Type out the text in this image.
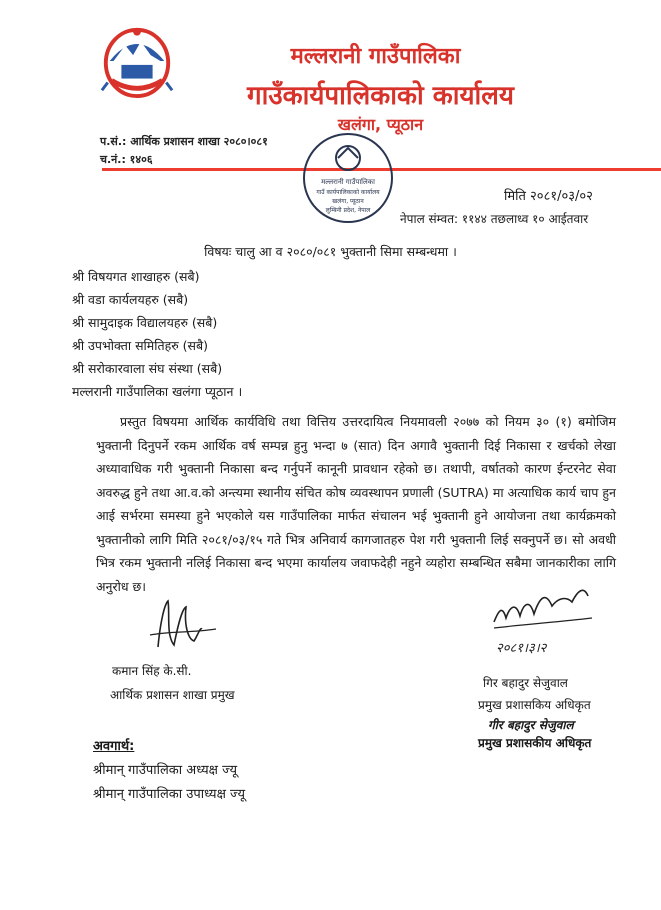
मल्लरानी गाउँपालिका
गाउँकार्यपालिकाको कार्यालय
खलंगा, प्यूठान
प.सं.: आर्थिक प्रशासन शाखा २०८०।०८१
च.नं.: १४०६
मल्लरानी गाउँपालिका
गाउँ कार्यपालिकाको कार्यालय
खलंगा, प्यूठान
लुम्बिनी प्रदेश, नेपाल
मिति २०८१/०३/०२
नेपाल संम्वत: ११४४ तछलाध्व १० आईतवार
विषयः चालु आ व २०८०/०८१ भुक्तानी सिमा सम्बन्धमा ।
श्री विषयगत शाखाहरु (सबै)
श्री वडा कार्यलयहरु (सबै)
श्री सामुदाइक विद्यालयहरु (सबै)
श्री उपभोक्ता समितिहरु (सबै)
श्री सरोकारवाला संघ संस्था (सबै)
मल्लरानी गाउँपालिका खलंगा प्यूठान ।

प्रस्तुत विषयमा आर्थिक कार्यविधि तथा वित्तिय उत्तरदायित्व नियमावली २०७७ को नियम ३० (१) बमोजिम भुक्तानी दिनुपर्ने रकम आर्थिक वर्ष सम्पन्न हुनु भन्दा ७ (सात) दिन अगावै भुक्तानी दिई निकासा र खर्चको लेखा अध्यावाधिक गरी भुक्तानी निकासा बन्द गर्नुपर्ने कानूनी प्रावधान रहेको छ। तथापी, वर्षातको कारण ईन्टरनेट सेवा अवरुद्ध हुने तथा आ.व.को अन्त्यमा स्थानीय संचित कोष व्यवस्थापन प्रणाली (SUTRA) मा अत्याधिक कार्य चाप हुन आई सर्भरमा समस्या हुने भएकोले यस गाउँपालिका मार्फत संचालन भई भुक्तानी हुने आयोजना तथा कार्यक्रमको भुक्तानीको लागि मिति २०८१/०३/१५ गते भित्र अनिवार्य कागजातहरु पेश गरी भुक्तानी लिई सक्नुपर्ने छ। सो अवधी भित्र रकम भुक्तानी नलिई निकासा बन्द भएमा कार्यालय जवाफदेही नहुने व्यहोरा सम्बन्धित सबैमा जानकारीका लागि अनुरोध छ।

कमान सिंह के.सी.
आर्थिक प्रशासन शाखा प्रमुख
२०८१।३।२
गिर बहादुर सेजुवाल
प्रमुख प्रशासकिय अधिकृत
गीर बहादुर सेजुवाल
प्रमुख प्रशासकीय अधिकृत
अवगार्थ:
श्रीमान् गाउँपालिका अध्यक्ष ज्यू
श्रीमान् गाउँपालिका उपाध्यक्ष ज्यू
